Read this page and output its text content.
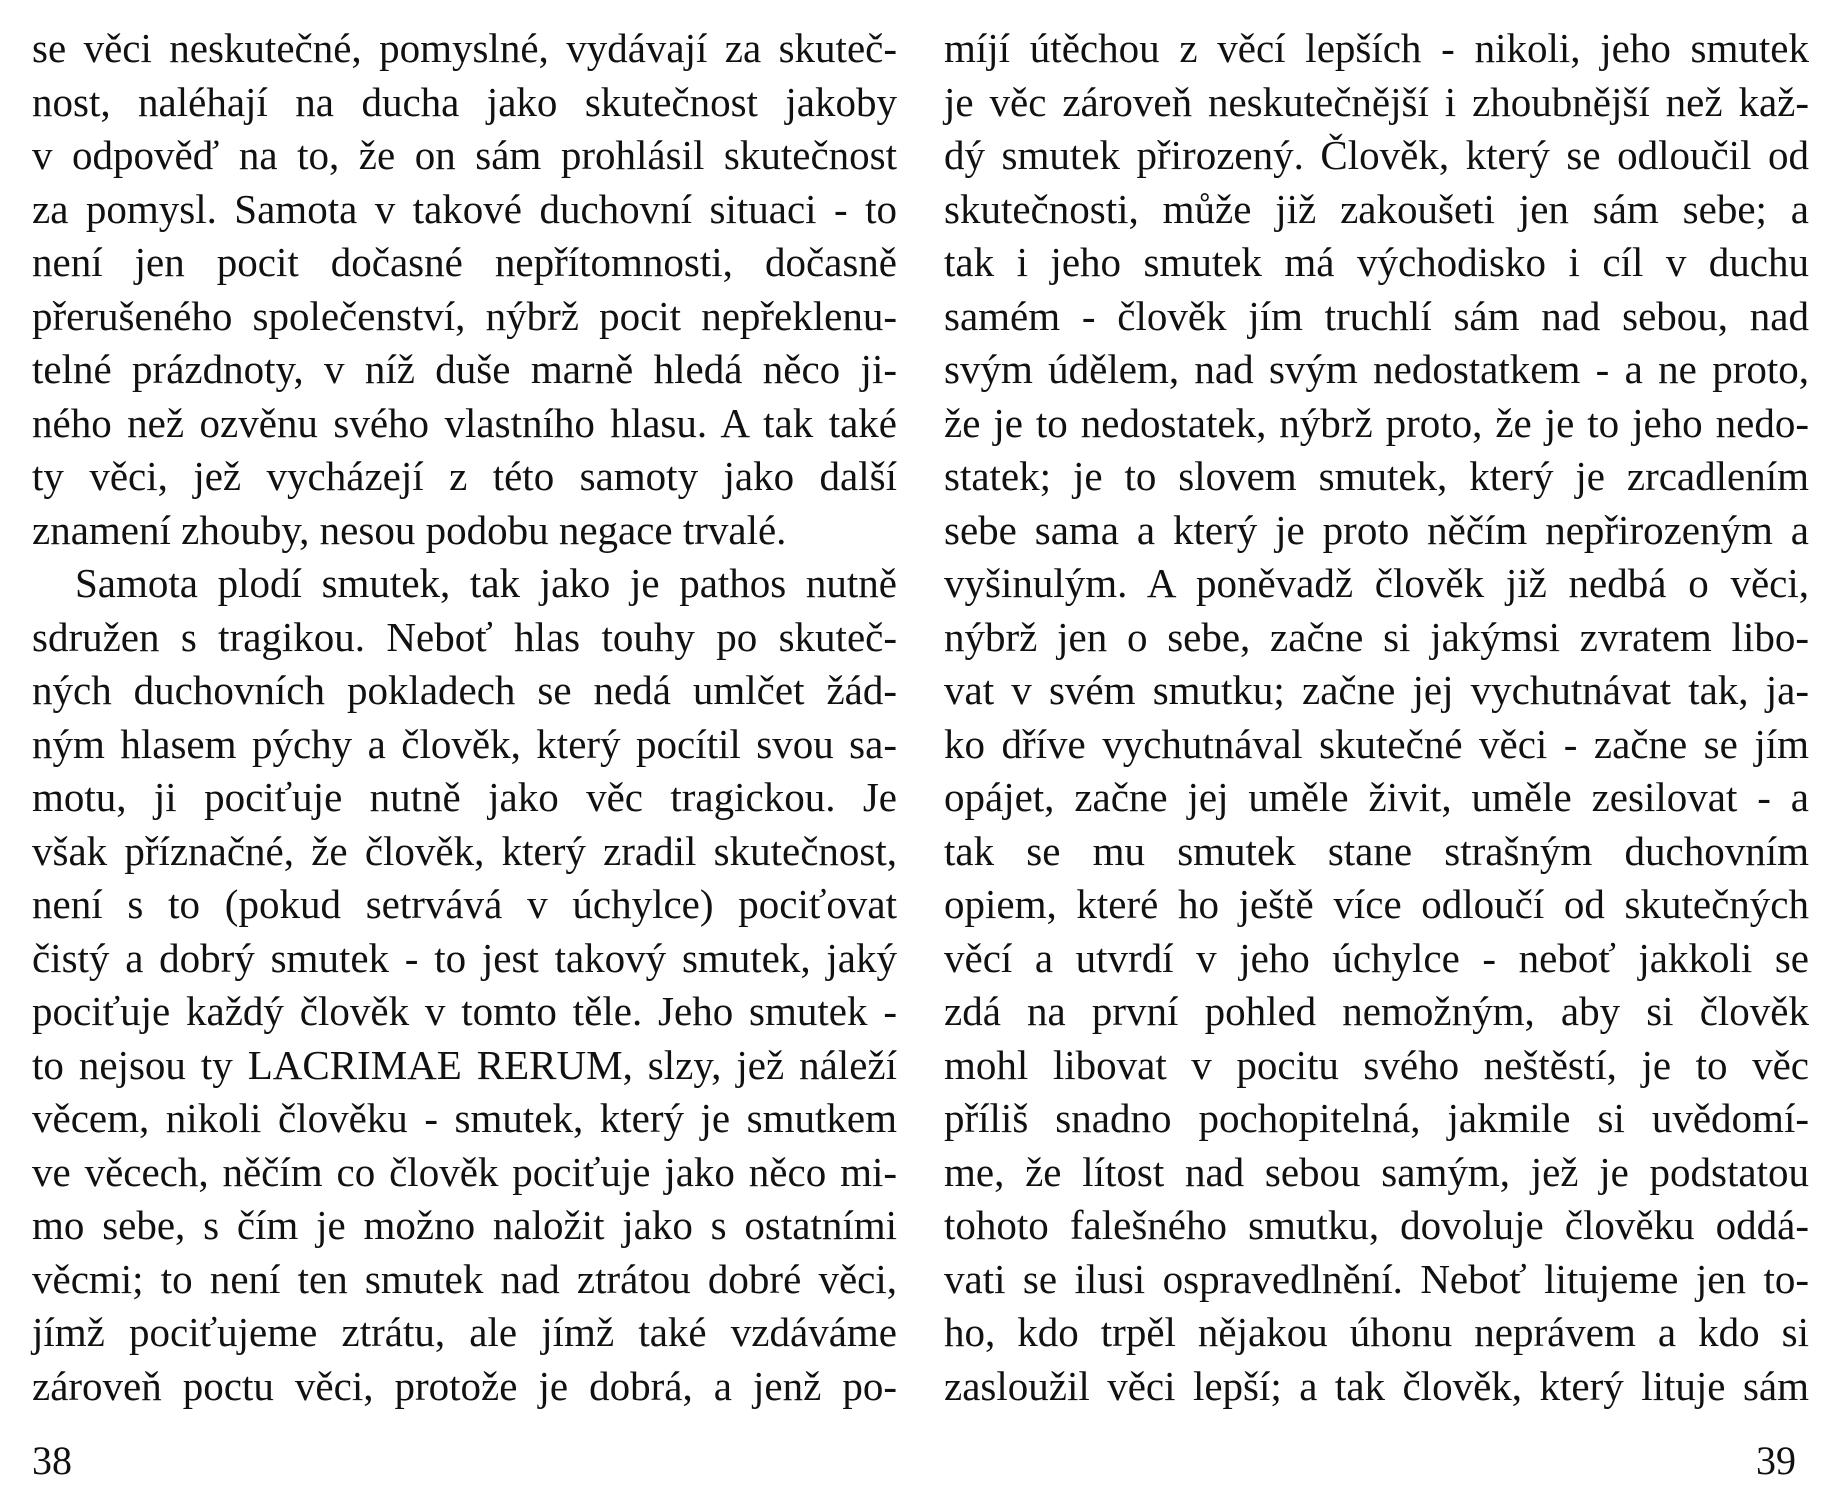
se věci neskutečné, pomyslné, vydávají za skuteč-
nost, naléhají na ducha jako skutečnost jakoby
v odpověď na to, že on sám prohlásil skutečnost
za pomysl. Samota v takové duchovní situaci - to
není jen pocit dočasné nepřítomnosti, dočasně
přerušeného společenství, nýbrž pocit nepřeklenu-
telné prázdnoty, v níž duše marně hledá něco ji-
ného než ozvěnu svého vlastního hlasu. A tak také
ty věci, jež vycházejí z této samoty jako další
znamení zhouby, nesou podobu negace trvalé.
Samota plodí smutek, tak jako je pathos nutně
sdružen s tragikou. Neboť hlas touhy po skuteč-
ných duchovních pokladech se nedá umlčet žád-
ným hlasem pýchy a člověk, který pocítil svou sa-
motu, ji pociťuje nutně jako věc tragickou. Je
však příznačné, že člověk, který zradil skutečnost,
není s to (pokud setrvává v úchylce) pociťovat
čistý a dobrý smutek - to jest takový smutek, jaký
pociťuje každý člověk v tomto těle. Jeho smutek -
to nejsou ty LACRIMAE RERUM, slzy, jež náleží
věcem, nikoli člověku - smutek, který je smutkem
ve věcech, něčím co člověk pociťuje jako něco mi-
mo sebe, s čím je možno naložit jako s ostatními
věcmi; to není ten smutek nad ztrátou dobré věci,
jímž pociťujeme ztrátu, ale jímž také vzdáváme
zároveň poctu věci, protože je dobrá, a jenž po-
38
míjí útěchou z věcí lepších - nikoli, jeho smutek
je věc zároveň neskutečnější i zhoubnější než kaž-
dý smutek přirozený. Člověk, který se odloučil od
skutečnosti, může již zakoušeti jen sám sebe; a
tak i jeho smutek má východisko i cíl v duchu
samém - člověk jím truchlí sám nad sebou, nad
svým údělem, nad svým nedostatkem - a ne proto,
že je to nedostatek, nýbrž proto, že je to jeho nedo-
statek; je to slovem smutek, který je zrcadlením
sebe sama a který je proto něčím nepřirozeným a
vyšinulým. A poněvadž člověk již nedbá o věci,
nýbrž jen o sebe, začne si jakýmsi zvratem libo-
vat v svém smutku; začne jej vychutnávat tak, ja-
ko dříve vychutnával skutečné věci - začne se jím
opájet, začne jej uměle živit, uměle zesilovat - a
tak se mu smutek stane strašným duchovním
opiem, které ho ještě více odloučí od skutečných
věcí a utvrdí v jeho úchylce - neboť jakkoli se
zdá na první pohled nemožným, aby si člověk
mohl libovat v pocitu svého neštěstí, je to věc
příliš snadno pochopitelná, jakmile si uvědomí-
me, že lítost nad sebou samým, jež je podstatou
tohoto falešného smutku, dovoluje člověku oddá-
vati se ilusi ospravedlnění. Neboť litujeme jen to-
ho, kdo trpěl nějakou úhonu neprávem a kdo si
zasloužil věci lepší; a tak člověk, který lituje sám
39
